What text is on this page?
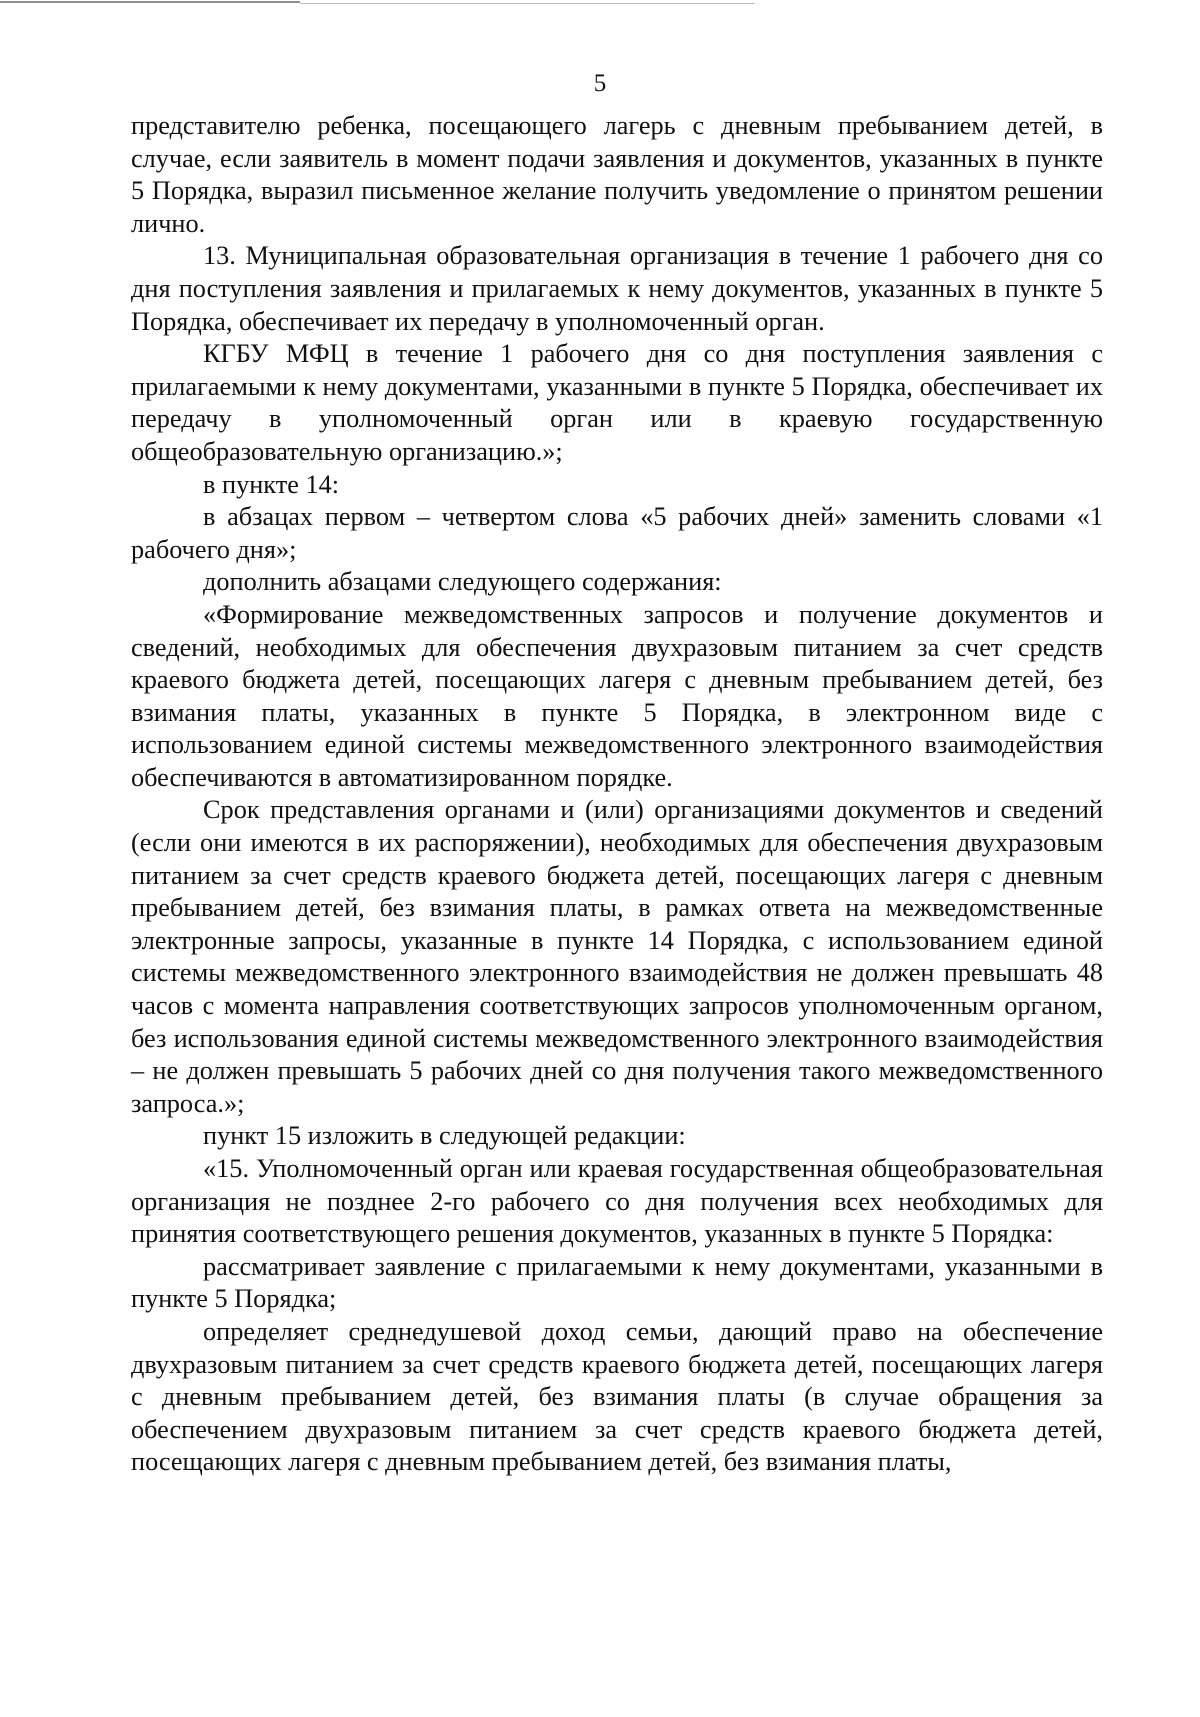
5

представителю ребенка, посещающего лагерь с дневным пребыванием детей, в случае, если заявитель в момент подачи заявления и документов, указанных в пункте 5 Порядка, выразил письменное желание получить уведомление о принятом решении лично.

13. Муниципальная образовательная организация в течение 1 рабочего дня со дня поступления заявления и прилагаемых к нему документов, указанных в пункте 5 Порядка, обеспечивает их передачу в уполномоченный орган.

КГБУ МФЦ в течение 1 рабочего дня со дня поступления заявления с прилагаемыми к нему документами, указанными в пункте 5 Порядка, обеспечивает их передачу в уполномоченный орган или в краевую государственную общеобразовательную организацию.»;

в пункте 14:

в абзацах первом – четвертом слова «5 рабочих дней» заменить словами «1 рабочего дня»;

дополнить абзацами следующего содержания:

«Формирование межведомственных запросов и получение документов и сведений, необходимых для обеспечения двухразовым питанием за счет средств краевого бюджета детей, посещающих лагеря с дневным пребыванием детей, без взимания платы, указанных в пункте 5 Порядка, в электронном виде с использованием единой системы межведомственного электронного взаимодействия обеспечиваются в автоматизированном порядке.

Срок представления органами и (или) организациями документов и сведений (если они имеются в их распоряжении), необходимых для обеспечения двухразовым питанием за счет средств краевого бюджета детей, посещающих лагеря с дневным пребыванием детей, без взимания платы, в рамках ответа на межведомственные электронные запросы, указанные в пункте 14 Порядка, с использованием единой системы межведомственного электронного взаимодействия не должен превышать 48 часов с момента направления соответствующих запросов уполномоченным органом, без использования единой системы межведомственного электронного взаимодействия – не должен превышать 5 рабочих дней со дня получения такого межведомственного запроса.»;

пункт 15 изложить в следующей редакции:

«15. Уполномоченный орган или краевая государственная общеобразовательная организация не позднее 2-го рабочего со дня получения всех необходимых для принятия соответствующего решения документов, указанных в пункте 5 Порядка:

рассматривает заявление с прилагаемыми к нему документами, указанными в пункте 5 Порядка;

определяет среднедушевой доход семьи, дающий право на обеспечение двухразовым питанием за счет средств краевого бюджета детей, посещающих лагеря с дневным пребыванием детей, без взимания платы (в случае обращения за обеспечением двухразовым питанием за счет средств краевого бюджета детей, посещающих лагеря с дневным пребыванием детей, без взимания платы,
